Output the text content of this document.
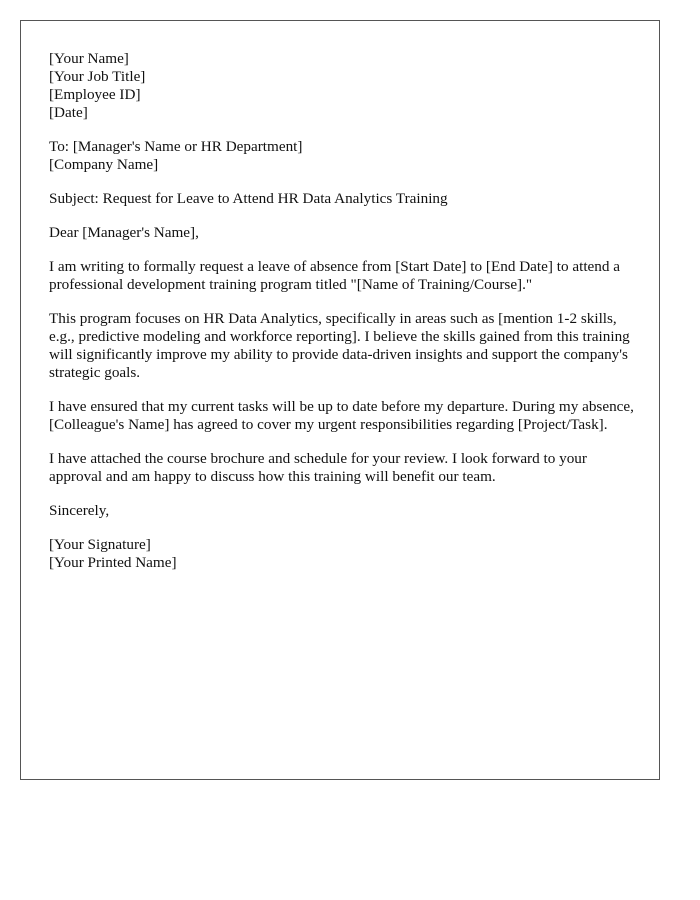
[Your Name]
[Your Job Title]
[Employee ID]
[Date]
To: [Manager's Name or HR Department]
[Company Name]

Subject: Request for Leave to Attend HR Data Analytics Training

Dear [Manager's Name],

I am writing to formally request a leave of absence from [Start Date] to [End Date] to attend a professional development training program titled "[Name of Training/Course]."

This program focuses on HR Data Analytics, specifically in areas such as [mention 1-2 skills, e.g., predictive modeling and workforce reporting]. I believe the skills gained from this training will significantly improve my ability to provide data-driven insights and support the company's strategic goals.

I have ensured that my current tasks will be up to date before my departure. During my absence, [Colleague's Name] has agreed to cover my urgent responsibilities regarding [Project/Task].

I have attached the course brochure and schedule for your review. I look forward to your approval and am happy to discuss how this training will benefit our team.

Sincerely,

[Your Signature]
[Your Printed Name]
